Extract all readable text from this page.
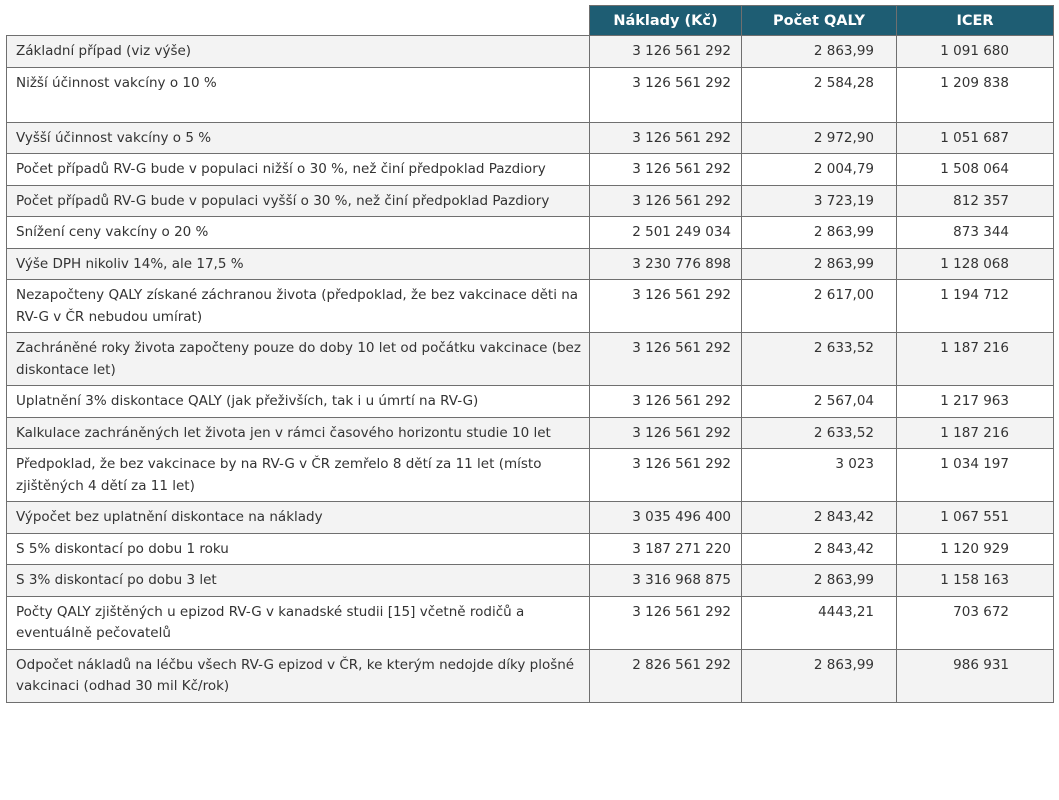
	Náklady (Kč)	Počet QALY	ICER
Základní případ (viz výše)	3 126 561 292	2 863,99	1 091 680
Nižší účinnost vakcíny o 10 %	3 126 561 292	2 584,28	1 209 838
Vyšší účinnost vakcíny o 5 %	3 126 561 292	2 972,90	1 051 687
Počet případů RV-G bude v populaci nižší o 30 %, než činí předpoklad Pazdiory	3 126 561 292	2 004,79	1 508 064
Počet případů RV-G bude v populaci vyšší o 30 %, než činí předpoklad Pazdiory	3 126 561 292	3 723,19	812 357
Snížení ceny vakcíny o 20 %	2 501 249 034	2 863,99	873 344
Výše DPH nikoliv 14%, ale 17,5 %	3 230 776 898	2 863,99	1 128 068
Nezapočteny QALY získané záchranou života (předpoklad, že bez vakcinace děti na RV-G v ČR nebudou umírat)	3 126 561 292	2 617,00	1 194 712
Zachráněné roky života započteny pouze do doby 10 let od počátku vakcinace (bez diskontace let)	3 126 561 292	2 633,52	1 187 216
Uplatnění 3% diskontace QALY (jak přeživších, tak i u úmrtí na RV-G)	3 126 561 292	2 567,04	1 217 963
Kalkulace zachráněných let života jen v rámci časového horizontu studie 10 let	3 126 561 292	2 633,52	1 187 216
Předpoklad, že bez vakcinace by na RV-G v ČR zemřelo 8 dětí za 11 let (místo zjištěných 4 dětí za 11 let)	3 126 561 292	3 023	1 034 197
Výpočet bez uplatnění diskontace na náklady	3 035 496 400	2 843,42	1 067 551
S 5% diskontací po dobu 1 roku	3 187 271 220	2 843,42	1 120 929
S 3% diskontací po dobu 3 let	3 316 968 875	2 863,99	1 158 163
Počty QALY zjištěných u epizod RV-G v kanadské studii [15] včetně rodičů a eventuálně pečovatelů	3 126 561 292	4443,21	703 672
Odpočet nákladů na léčbu všech RV-G epizod v ČR, ke kterým nedojde díky plošné vakcinaci (odhad 30 mil Kč/rok)	2 826 561 292	2 863,99	986 931
